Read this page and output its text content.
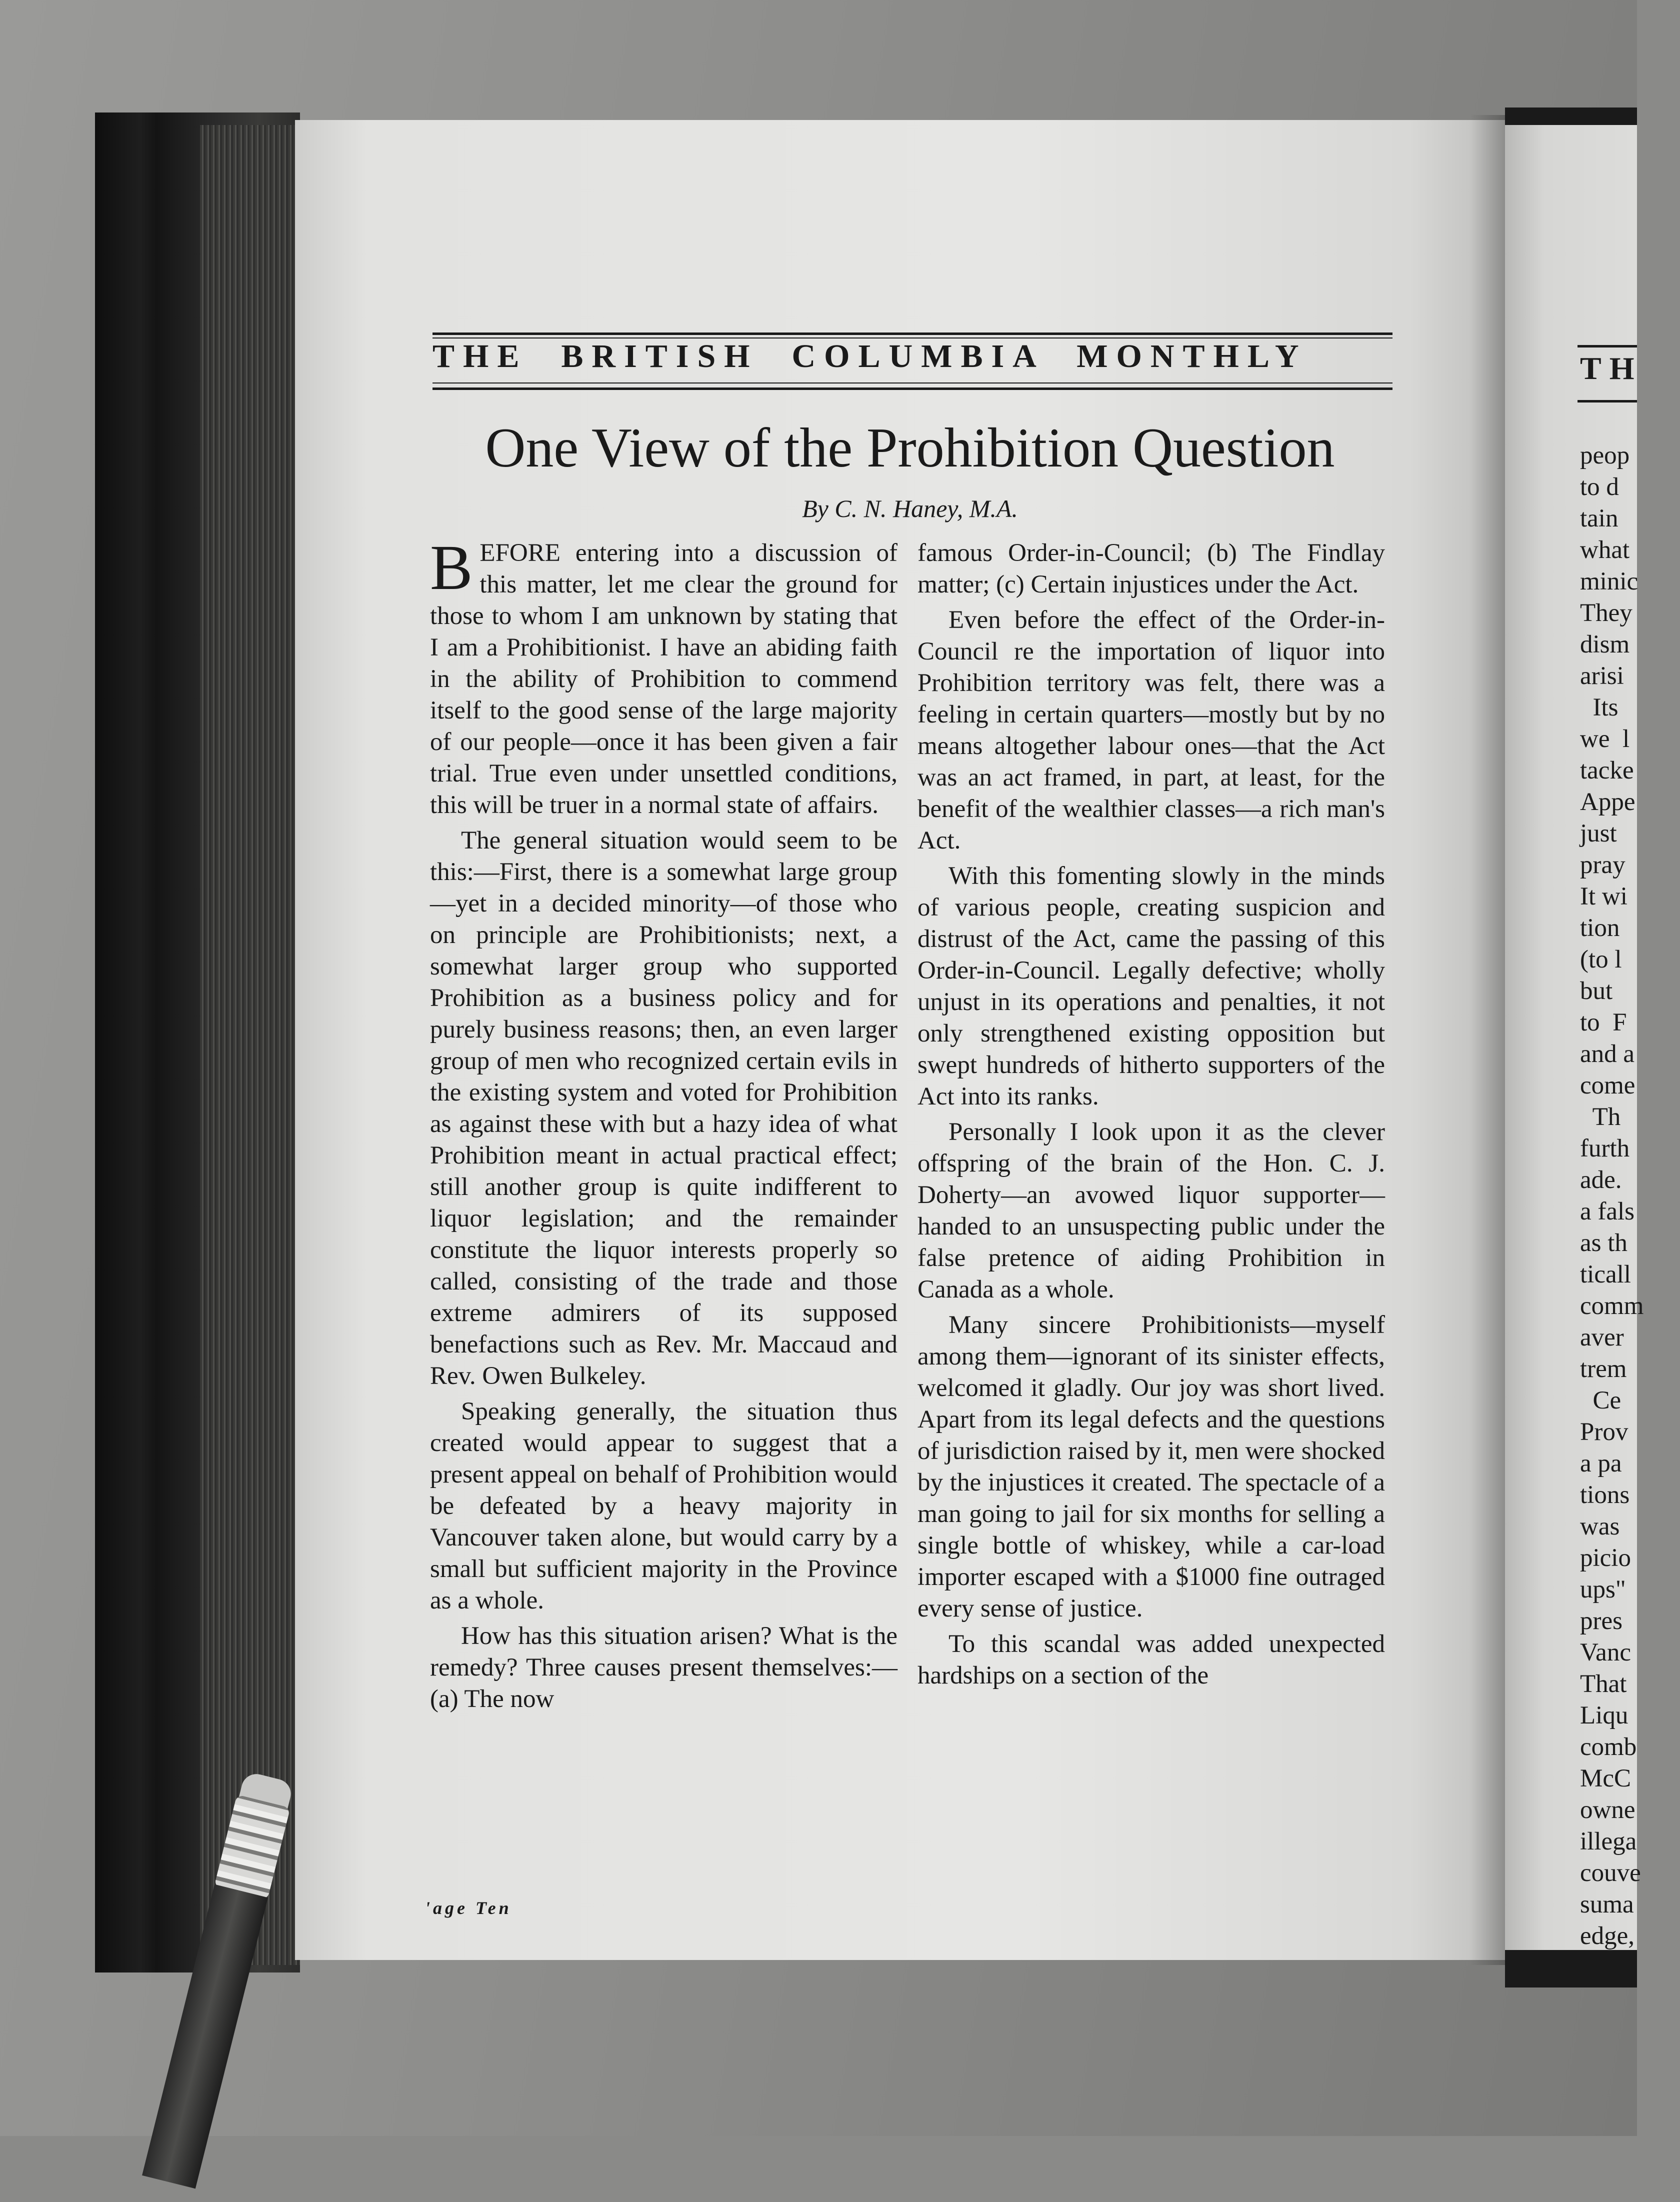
THE  BRITISH  COLUMBIA  MONTHLY
One View of the Prohibition Question
By C. N. Haney, M.A.

BEFORE entering into a discussion of this matter, let me clear the ground for those to whom I am unknown by stating that I am a Prohibitionist. I have an abiding faith in the ability of Prohibition to commend itself to the good sense of the large majority of our people—once it has been given a fair trial. True even under unsettled conditions, this will be truer in a normal state of affairs.

The general situation would seem to be this:—First, there is a somewhat large group—yet in a decided minority—of those who on principle are Prohibitionists; next, a somewhat larger group who supported Prohibition as a business policy and for purely business reasons; then, an even larger group of men who recognized certain evils in the existing system and voted for Prohibition as against these with but a hazy idea of what Prohibition meant in actual practical effect; still another group is quite indifferent to liquor legislation; and the remainder constitute the liquor interests properly so called, consisting of the trade and those extreme admirers of its supposed benefactions such as Rev. Mr. Maccaud and Rev. Owen Bulkeley.

Speaking generally, the situation thus created would appear to suggest that a present appeal on behalf of Prohibition would be defeated by a heavy majority in Vancouver taken alone, but would carry by a small but sufficient majority in the Province as a whole.

How has this situation arisen? What is the remedy? Three causes present themselves:—(a) The now

famous Order-in-Council; (b) The Findlay matter; (c) Certain injustices under the Act.

Even before the effect of the Order-in-Council re the importation of liquor into Prohibition territory was felt, there was a feeling in certain quarters—mostly but by no means altogether labour ones—that the Act was an act framed, in part, at least, for the benefit of the wealthier classes—a rich man's Act.

With this fomenting slowly in the minds of various people, creating suspicion and distrust of the Act, came the passing of this Order-in-Council. Legally defective; wholly unjust in its operations and penalties, it not only strengthened existing opposition but swept hundreds of hitherto supporters of the Act into its ranks.

Personally I look upon it as the clever offspring of the brain of the Hon. C. J. Doherty—an avowed liquor supporter—handed to an unsuspecting public under the false pretence of aiding Prohibition in Canada as a whole.

Many sincere Prohibitionists—myself among them—ignorant of its sinister effects, welcomed it gladly. Our joy was short lived. Apart from its legal defects and the questions of jurisdiction raised by it, men were shocked by the injustices it created. The spectacle of a man going to jail for six months for selling a single bottle of whiskey, while a car-load importer escaped with a $1000 fine outraged every sense of justice.

To this scandal was added unexpected hardships on a section of the

'age Ten
TH
peop
to d
tain
what
minic
They
dism
arisi
Its
we  l
tacke
Appe
just
pray
It wi
tion
(to l
but
to  F
and a
come
Th
furth
ade.
a fals
as th
ticall
comm
aver
trem
Ce
Prov
a pa
tions
was
picio
ups"
pres
Vanc
That
Liqu
comb
McC
owne
illega
couve
suma
edge,
